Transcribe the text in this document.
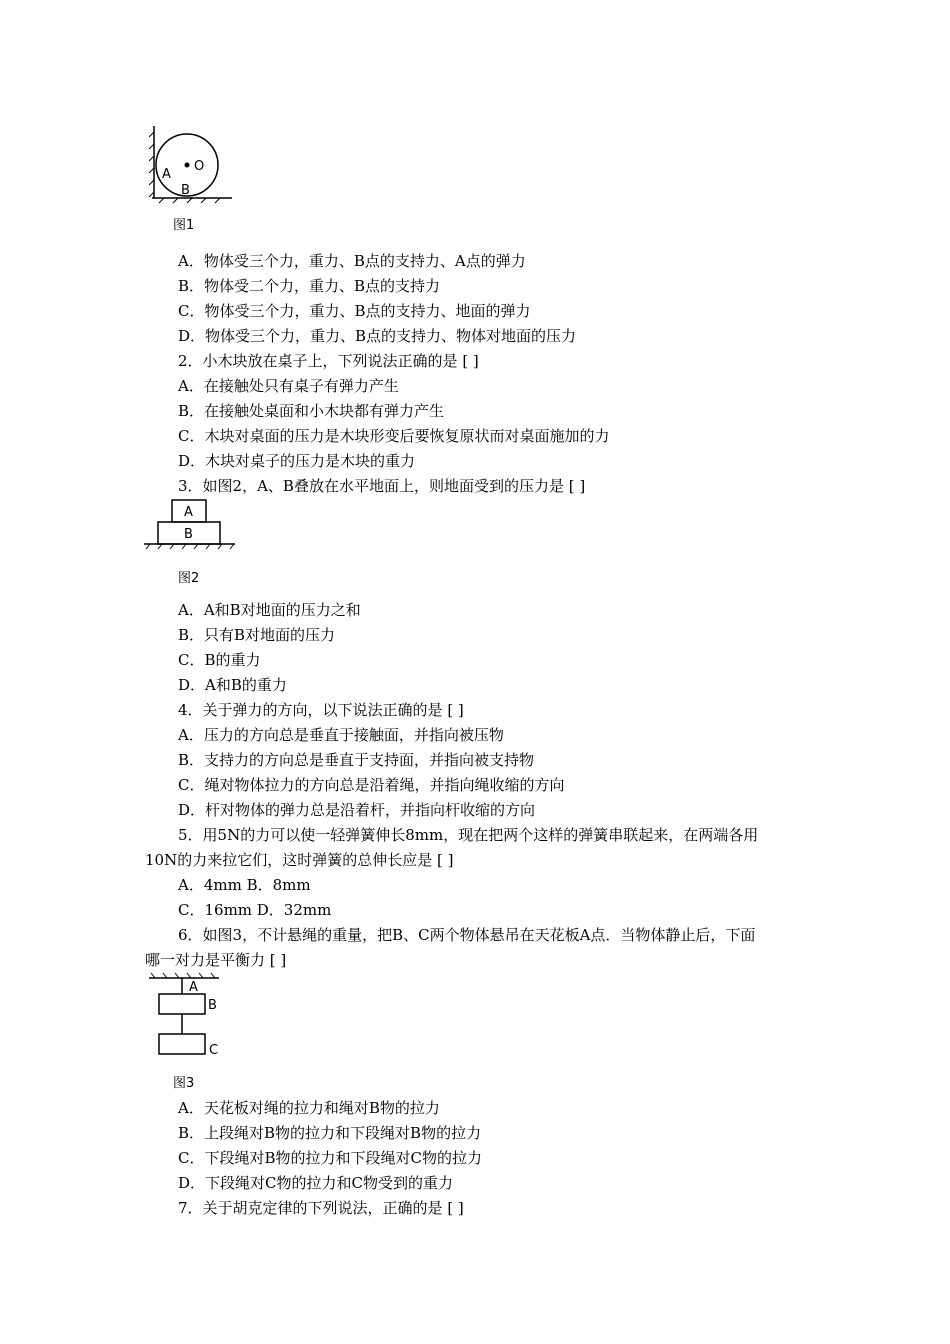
O
A
B
图1
A．物体受三个力，重力、B点的支持力、A点的弹力
B．物体受二个力，重力、B点的支持力
C．物体受三个力，重力、B点的支持力、地面的弹力
D．物体受三个力，重力、B点的支持力、物体对地面的压力
2．小木块放在桌子上，下列说法正确的是 [ ]
A．在接触处只有桌子有弹力产生
B．在接触处桌面和小木块都有弹力产生
C．木块对桌面的压力是木块形变后要恢复原状而对桌面施加的力
D．木块对桌子的压力是木块的重力
3．如图2，A、B叠放在水平地面上，则地面受到的压力是 [ ]
A
B
图2
A．A和B对地面的压力之和
B．只有B对地面的压力
C．B的重力
D．A和B的重力
4．关于弹力的方向，以下说法正确的是 [ ]
A．压力的方向总是垂直于接触面，并指向被压物
B．支持力的方向总是垂直于支持面，并指向被支持物
C．绳对物体拉力的方向总是沿着绳，并指向绳收缩的方向
D．杆对物体的弹力总是沿着杆，并指向杆收缩的方向
5．用5N的力可以使一轻弹簧伸长8mm，现在把两个这样的弹簧串联起来，在两端各用
10N的力来拉它们，这时弹簧的总伸长应是 [ ]
A．4mm B．8mm
C．16mm D．32mm
6．如图3，不计悬绳的重量，把B、C两个物体悬吊在天花板A点．当物体静止后，下面
哪一对力是平衡力 [ ]
A
B
C
图3
A．天花板对绳的拉力和绳对B物的拉力
B．上段绳对B物的拉力和下段绳对B物的拉力
C．下段绳对B物的拉力和下段绳对C物的拉力
D．下段绳对C物的拉力和C物受到的重力
7．关于胡克定律的下列说法，正确的是 [ ]
